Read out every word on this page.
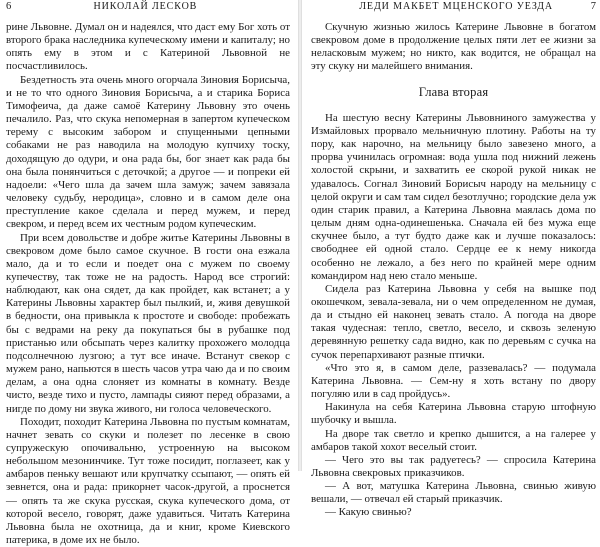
6	НИКОЛАЙ ЛЕСКОВ

рине Львовне. Думал он и надеялся, что даст ему Бог хоть от второго брака наследника купеческому имени и капиталу; но опять ему в этом и с Катериной Львовной не посчастливилось.

Бездетность эта очень много огорчала Зиновия Борисыча, и не то что одного Зиновия Борисыча, а и старика Бориса Тимофеича, да даже самоё Катерину Львовну это очень печалило. Раз, что скука непомерная в запертом купеческом терему с высоким забором и спущенными цепными собаками не раз наводила на молодую купчиху тоску, доходящую до одури, и она рада бы, бог знает как рада бы она была понянчиться с деточкой; а другое — и попреки ей надоели: «Чего шла да зачем шла замуж; зачем завязала человеку судьбу, неродица», словно и в самом деле она преступление какое сделала и перед мужем, и перед свекром, и перед всем их честным родом купеческим.

При всем довольстве и добре житье Катерины Львовны в свекровом доме было самое скучное. В гости она езжала мало, да и то если и поедет она с мужем по своему купечеству, так тоже не на радость. Народ все строгий: наблюдают, как она сядет, да как пройдет, как встанет; а у Катерины Львовны характер был пылкий, и, живя девушкой в бедности, она привыкла к простоте и свободе: пробежать бы с ведрами на реку да покупаться бы в рубашке под пристанью или обсыпать через калитку прохожего молодца подсолнечною лузгою; а тут все иначе. Встанут свекор с мужем рано, напьются в шесть часов утра чаю да и по своим делам, а она одна слоняет из комнаты в комнату. Везде чисто, везде тихо и пусто, лампады сияют перед образами, а нигде по дому ни звука живого, ни голоса человеческого.

Походит, походит Катерина Львовна по пустым комнатам, начнет зевать со скуки и полезет по лесенке в свою супружескую опочивальню, устроенную на высоком небольшом мезонинчике. Тут тоже посидит, поглазеет, как у амбаров пеньку вешают или крупчатку ссыпают, — опять ей зевнется, она и рада: прикорнет часок-другой, а проснется — опять та же скука русская, скука купеческого дома, от которой весело, говорят, даже удавиться. Читать Катерина Львовна была не охотница, да и книг, кроме Киевского патерика, в доме их не было.

ЛЕДИ МАКБЕТ МЦЕНСКОГО УЕЗДА	7

Скучную жизнью жилось Катерине Львовне в богатом свекровом доме в продолжение целых пяти лет ее жизни за неласковым мужем; но никто, как водится, не обращал на эту скуку ни малейшего внимания.

Глава вторая

На шестую весну Катерины Львовниного замужества у Измайловых прорвало мельничную плотину. Работы на ту пору, как нарочно, на мельницу было завезено много, а прорва учинилась огромная: вода ушла под нижний лежень холостой скрыни, и захватить ее скорой рукой никак не удавалось. Согнал Зиновий Борисыч народу на мельницу с целой округи и сам там сидел безотлучно; городские дела уж один старик правил, а Катерина Львовна маялась дома по целым дням одна-одинешенька. Сначала ей без мужа еще скучнее было, а тут будто даже как и лучше показалось: свободнее ей одной стало. Сердце ее к нему никогда особенно не лежало, а без него по крайней мере одним командиром над нею стало меньше.

Сидела раз Катерина Львовна у себя на вышке под окошечком, зевала-зевала, ни о чем определенном не думая, да и стыдно ей наконец зевать стало. А погода на дворе такая чудесная: тепло, светло, весело, и сквозь зеленую деревянную решетку сада видно, как по деревьям с сучка на сучок перепархивают разные птички.

«Что это я, в самом деле, раззевалась? — подумала Катерина Львовна. — Сем-ну я хоть встану по двору погуляю или в сад пройдусь».

Накинула на себя Катерина Львовна старую штофную шубочку и вышла.

На дворе так светло и крепко дышится, а на галерее у амбаров такой хохот веселый стоит.

— Чего это вы так радуетесь? — спросила Катерина Львовна свекровых приказчиков.

— А вот, матушка Катерина Львовна, свинью живую вешали, — отвечал ей старый приказчик.

— Какую свинью?
